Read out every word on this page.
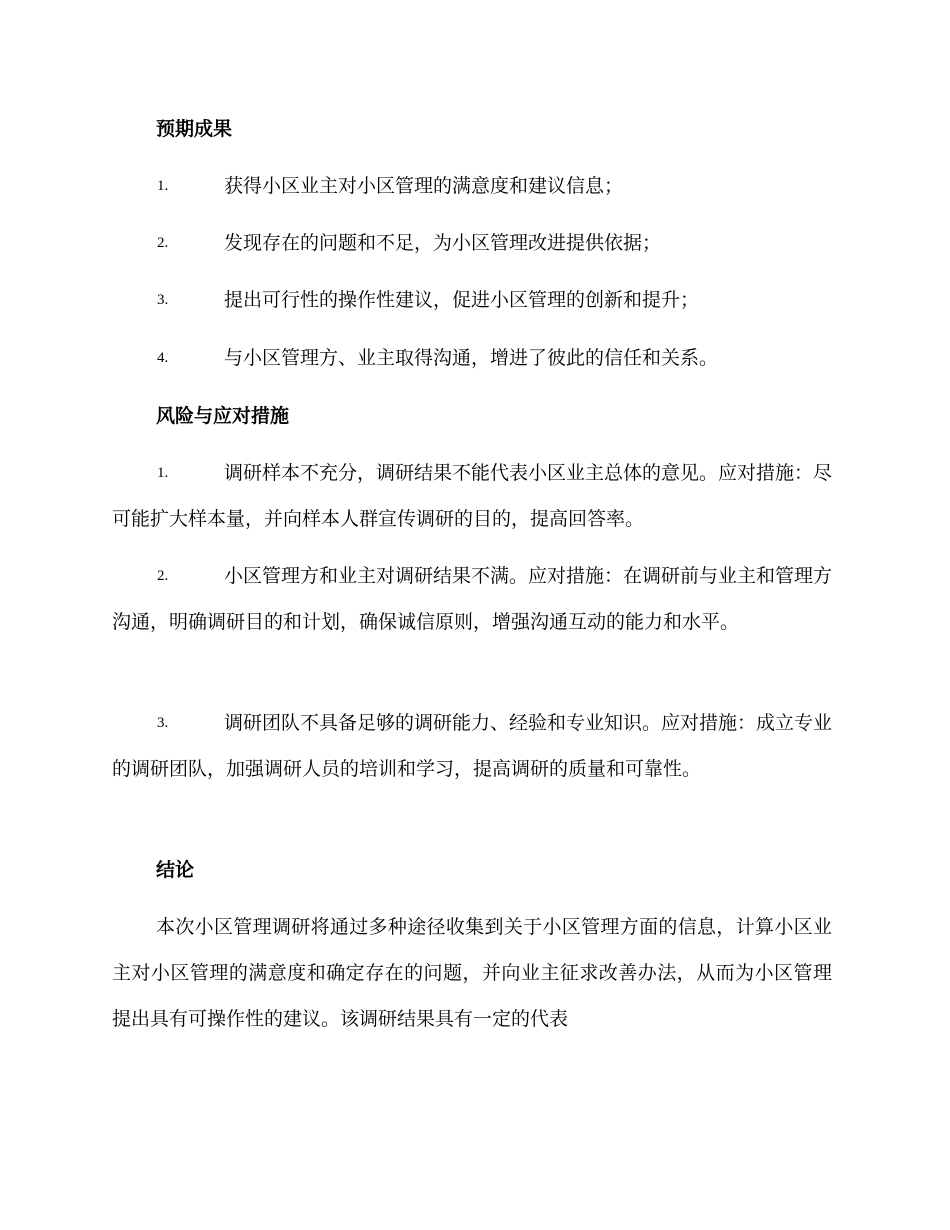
预期成果
1.	获得小区业主对小区管理的满意度和建议信息；
2.	发现存在的问题和不足，为小区管理改进提供依据；
3.	提出可行性的操作性建议，促进小区管理的创新和提升；
4.	与小区管理方、业主取得沟通，增进了彼此的信任和关系。
风险与应对措施
1.	调研样本不充分，调研结果不能代表小区业主总体的意见。应对措施：尽可能扩大样本量，并向样本人群宣传调研的目的，提高回答率。
2.	小区管理方和业主对调研结果不满。应对措施：在调研前与业主和管理方沟通，明确调研目的和计划，确保诚信原则，增强沟通互动的能力和水平。
3.	调研团队不具备足够的调研能力、经验和专业知识。应对措施：成立专业的调研团队，加强调研人员的培训和学习，提高调研的质量和可靠性。
结论
本次小区管理调研将通过多种途径收集到关于小区管理方面的信息，计算小区业主对小区管理的满意度和确定存在的问题，并向业主征求改善办法，从而为小区管理提出具有可操作性的建议。该调研结果具有一定的代表
